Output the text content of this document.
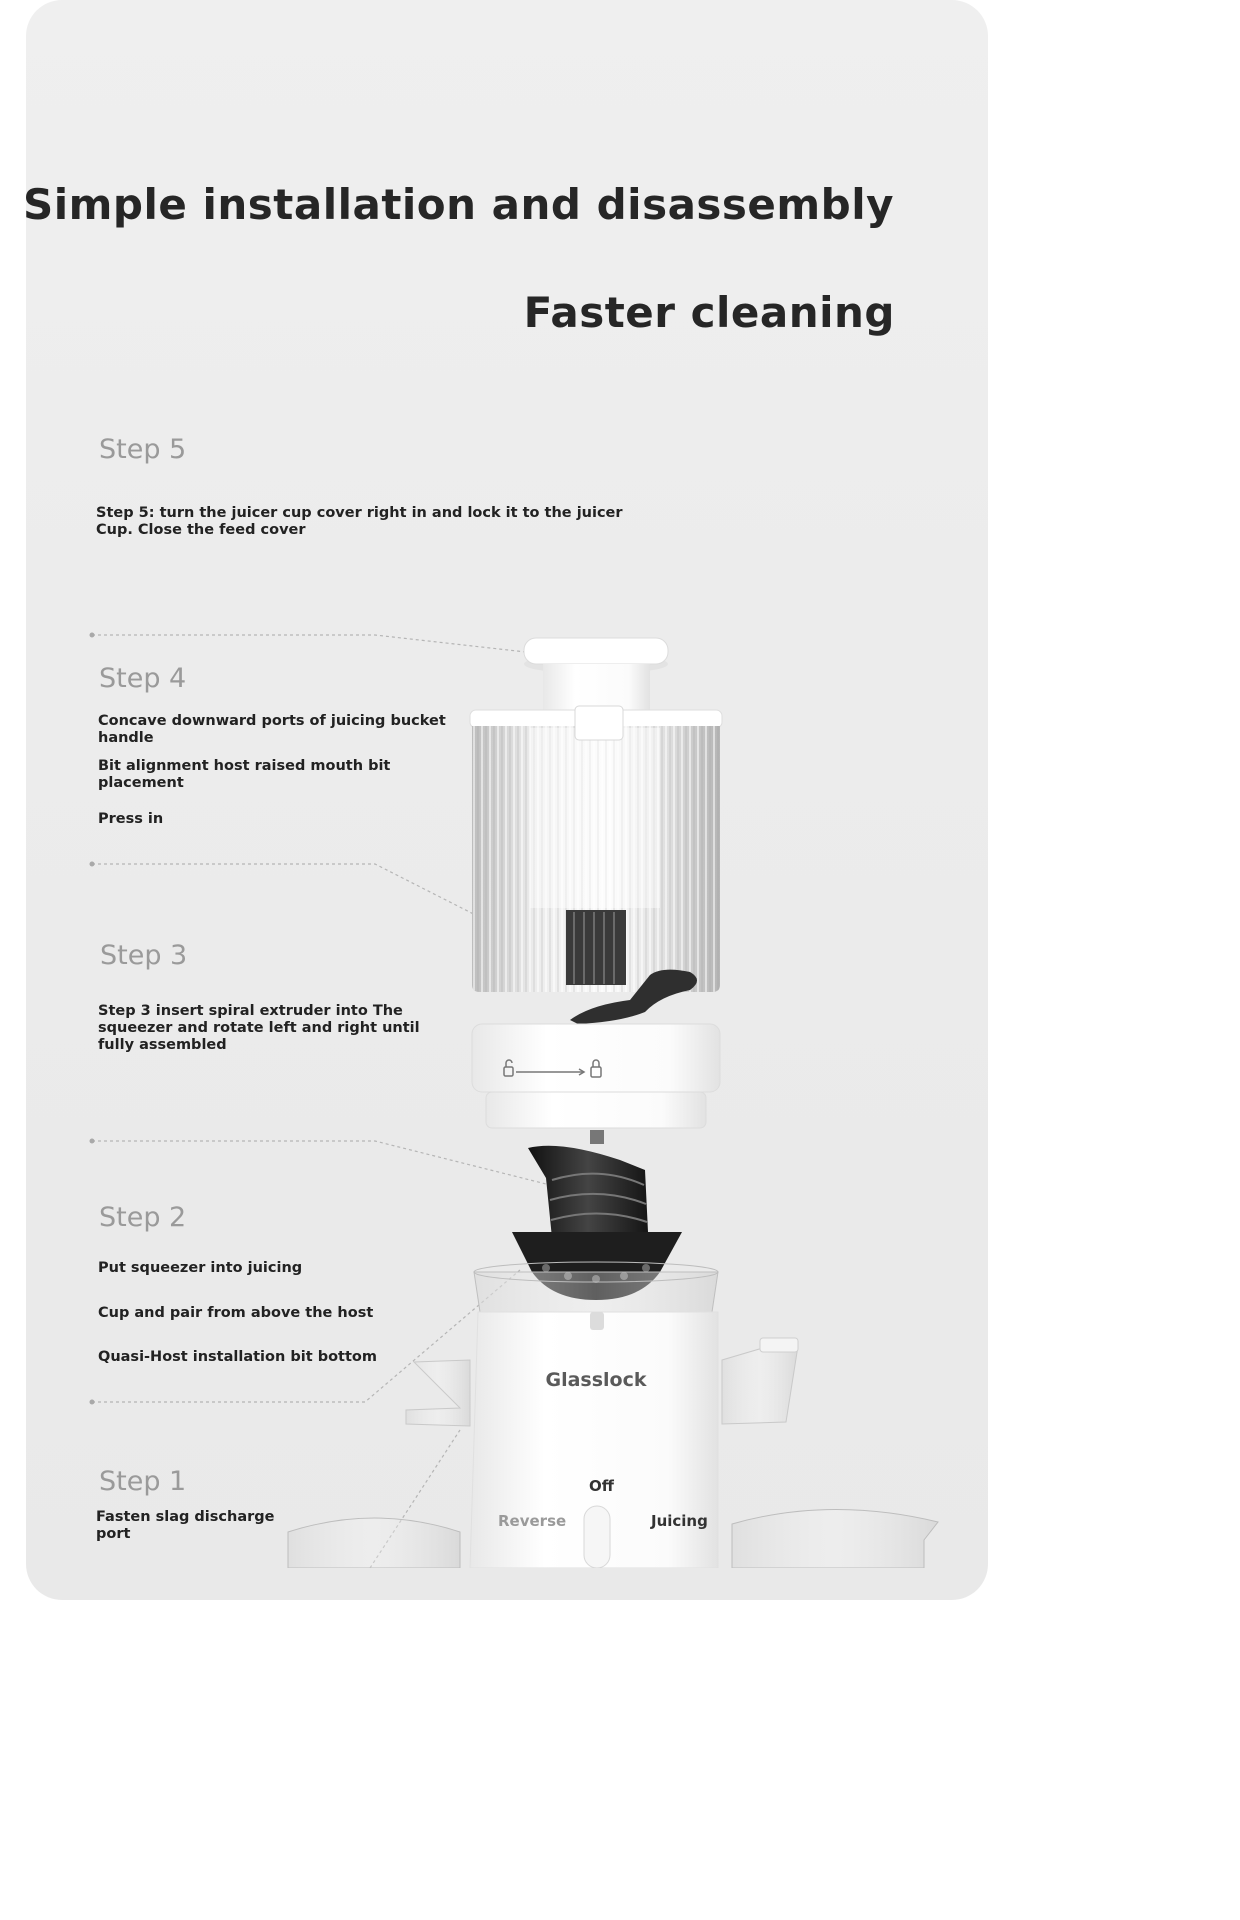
Simple installation and disassembly
Faster cleaning
Step 5
Step 5: turn the juicer cup cover right in and lock it to the juicer
Cup. Close the feed cover
Step 4
Concave downward ports of juicing bucket
handle
Bit alignment host raised mouth bit
placement
Press in
Step 3
Step 3 insert spiral extruder into The
squeezer and rotate left and right until
fully assembled
Step 2
Put squeezer into juicing
Cup and pair from above the host
Quasi-Host installation bit bottom
Step 1
Fasten slag discharge
port
Glasslock
Off
Reverse	Juicing
